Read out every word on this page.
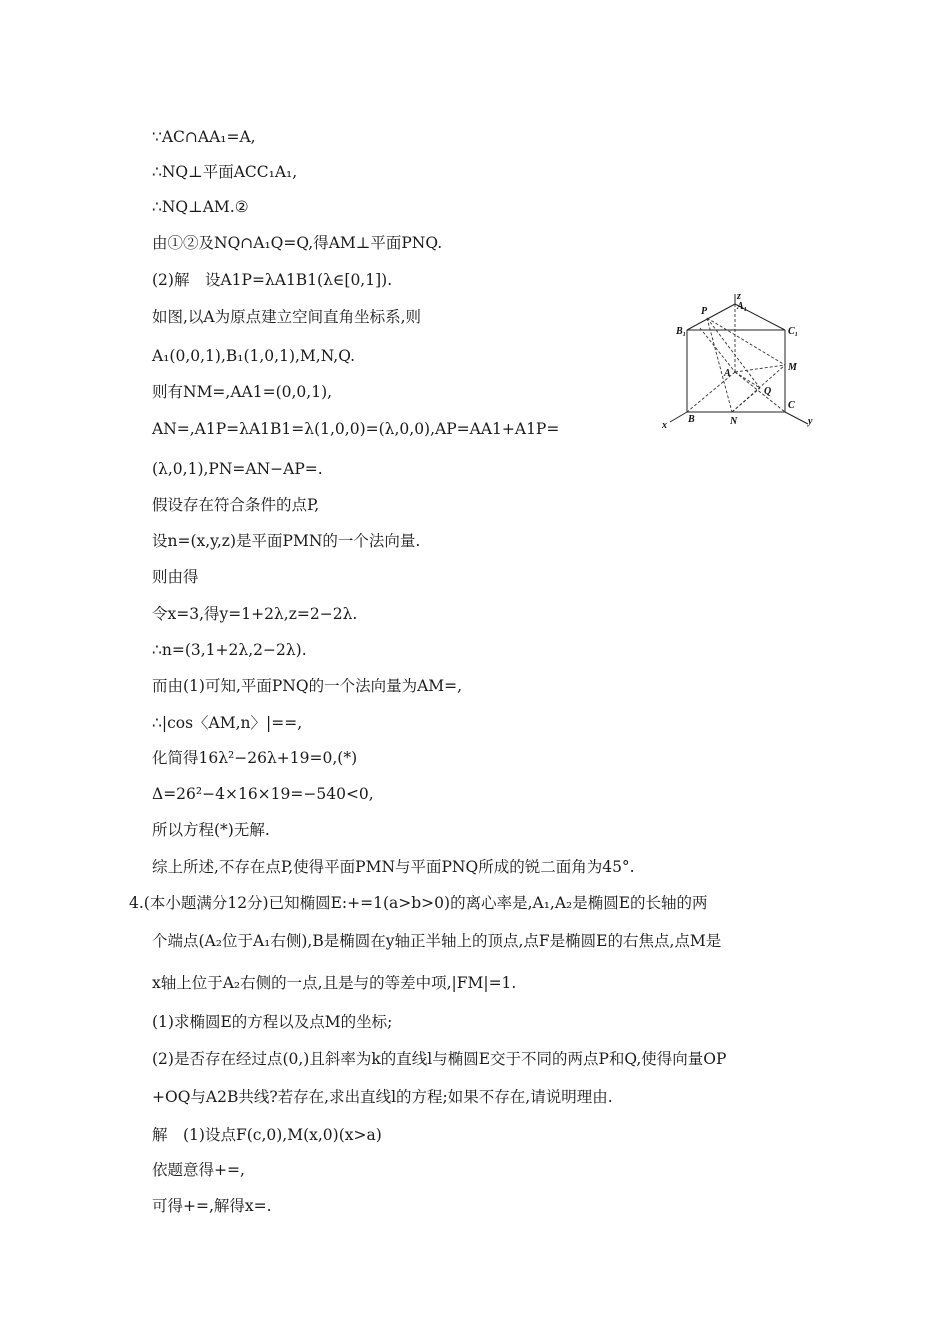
∵AC∩AA₁=A,
∴NQ⊥平面ACC₁A₁,
∴NQ⊥AM.②
由①②及NQ∩A₁Q=Q,得AM⊥平面PNQ.
(2)解　设A1P=λA1B1(λ∈[0,1]).
如图,以A为原点建立空间直角坐标系,则
A₁(0,0,1),B₁(1,0,1),M,N,Q.
则有NM=,AA1=(0,0,1),
AN=,A1P=λA1B1=λ(1,0,0)=(λ,0,0),AP=AA1+A1P=
(λ,0,1),PN=AN−AP=.
假设存在符合条件的点P,
设n=(x,y,z)是平面PMN的一个法向量.
则由得
令x=3,得y=1+2λ,z=2−2λ.
∴n=(3,1+2λ,2−2λ).
而由(1)可知,平面PNQ的一个法向量为AM=,
∴|cos〈AM,n〉|==,
化简得16λ²−26λ+19=0,(*)
Δ=26²−4×16×19=−540<0,
所以方程(*)无解.
综上所述,不存在点P,使得平面PMN与平面PNQ所成的锐二面角为45°.
4.(本小题满分12分)已知椭圆E:+=1(a>b>0)的离心率是,A₁,A₂是椭圆E的长轴的两
个端点(A₂位于A₁右侧),B是椭圆在y轴正半轴上的顶点,点F是椭圆E的右焦点,点M是
x轴上位于A₂右侧的一点,且是与的等差中项,|FM|=1.
(1)求椭圆E的方程以及点M的坐标;
(2)是否存在经过点(0,)且斜率为k的直线l与椭圆E交于不同的两点P和Q,使得向量OP
+OQ与A2B共线?若存在,求出直线l的方程;如果不存在,请说明理由.
解　(1)设点F(c,0),M(x,0)(x>a)
依题意得+=,
可得+=,解得x=.
z
A₁
P
B₁	C₁
M
A
Q
C
x
B	N	y
